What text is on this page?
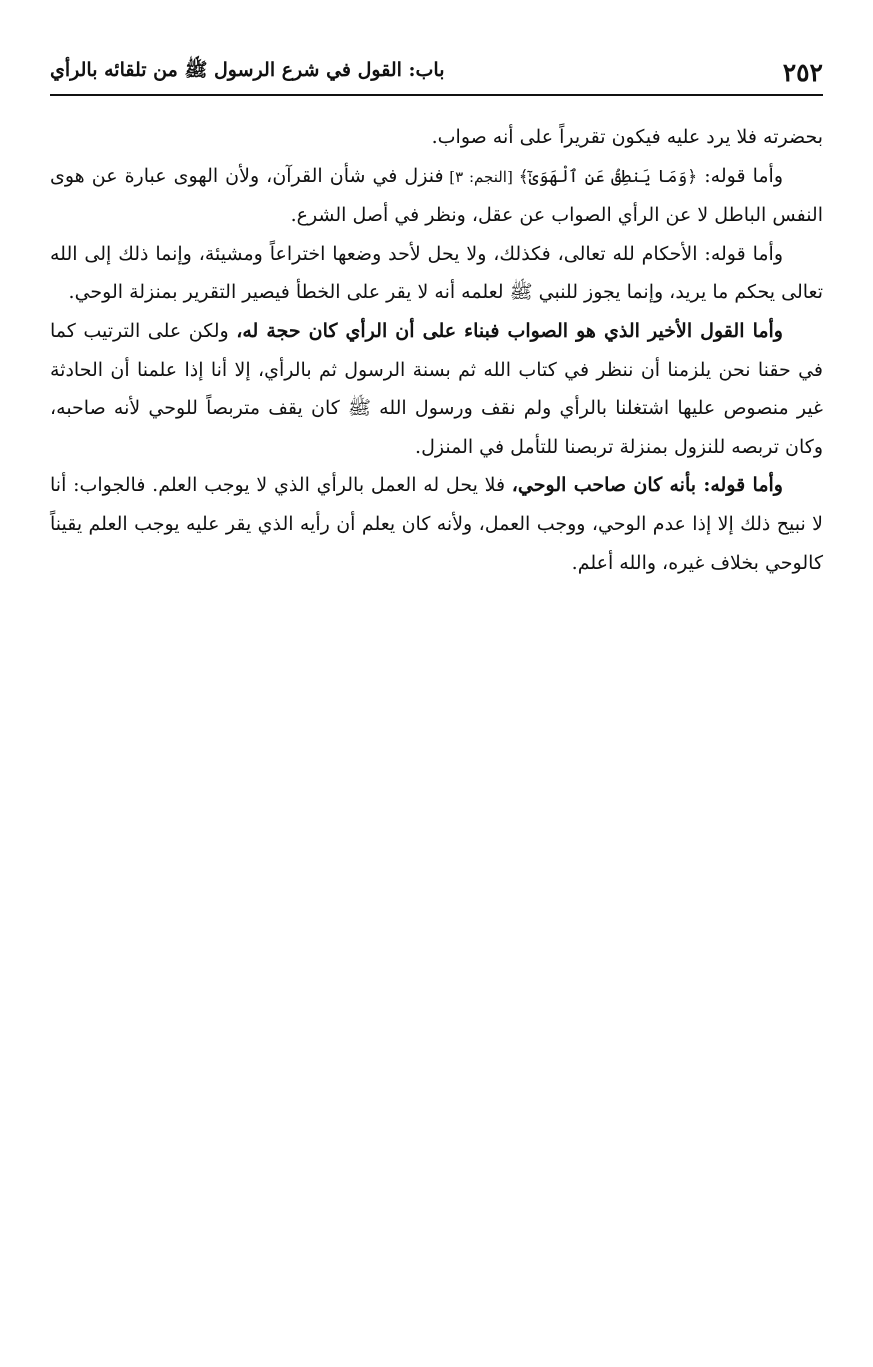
٢٥٢
باب: القول في شرع الرسول ﷺ من تلقائه بالرأي

بحضرته فلا يرد عليه فيكون تقريراً على أنه صواب.

وأما قوله: ﴿وَمَا يَنطِقُ عَنِ ٱلْهَوَىٰٓ﴾ [النجم: ٣] فنزل في شأن القرآن، ولأن الهوى عبارة عن هوى النفس الباطل لا عن الرأي الصواب عن عقل، ونظر في أصل الشرع.

وأما قوله: الأحكام لله تعالى، فكذلك، ولا يحل لأحد وضعها اختراعاً ومشيئة، وإنما ذلك إلى الله تعالى يحكم ما يريد، وإنما يجوز للنبي ﷺ لعلمه أنه لا يقر على الخطأ فيصير التقرير بمنزلة الوحي.

وأما القول الأخير الذي هو الصواب فبناء على أن الرأي كان حجة له، ولكن على الترتيب كما في حقنا نحن يلزمنا أن ننظر في كتاب الله ثم بسنة الرسول ثم بالرأي، إلا أنا إذا علمنا أن الحادثة غير منصوص عليها اشتغلنا بالرأي ولم نقف ورسول الله ﷺ كان يقف متربصاً للوحي لأنه صاحبه، وكان تربصه للنزول بمنزلة تربصنا للتأمل في المنزل.

وأما قوله: بأنه كان صاحب الوحي، فلا يحل له العمل بالرأي الذي لا يوجب العلم. فالجواب: أنا لا نبيح ذلك إلا إذا عدم الوحي، ووجب العمل، ولأنه كان يعلم أن رأيه الذي يقر عليه يوجب العلم يقيناً كالوحي بخلاف غيره، والله أعلم.
